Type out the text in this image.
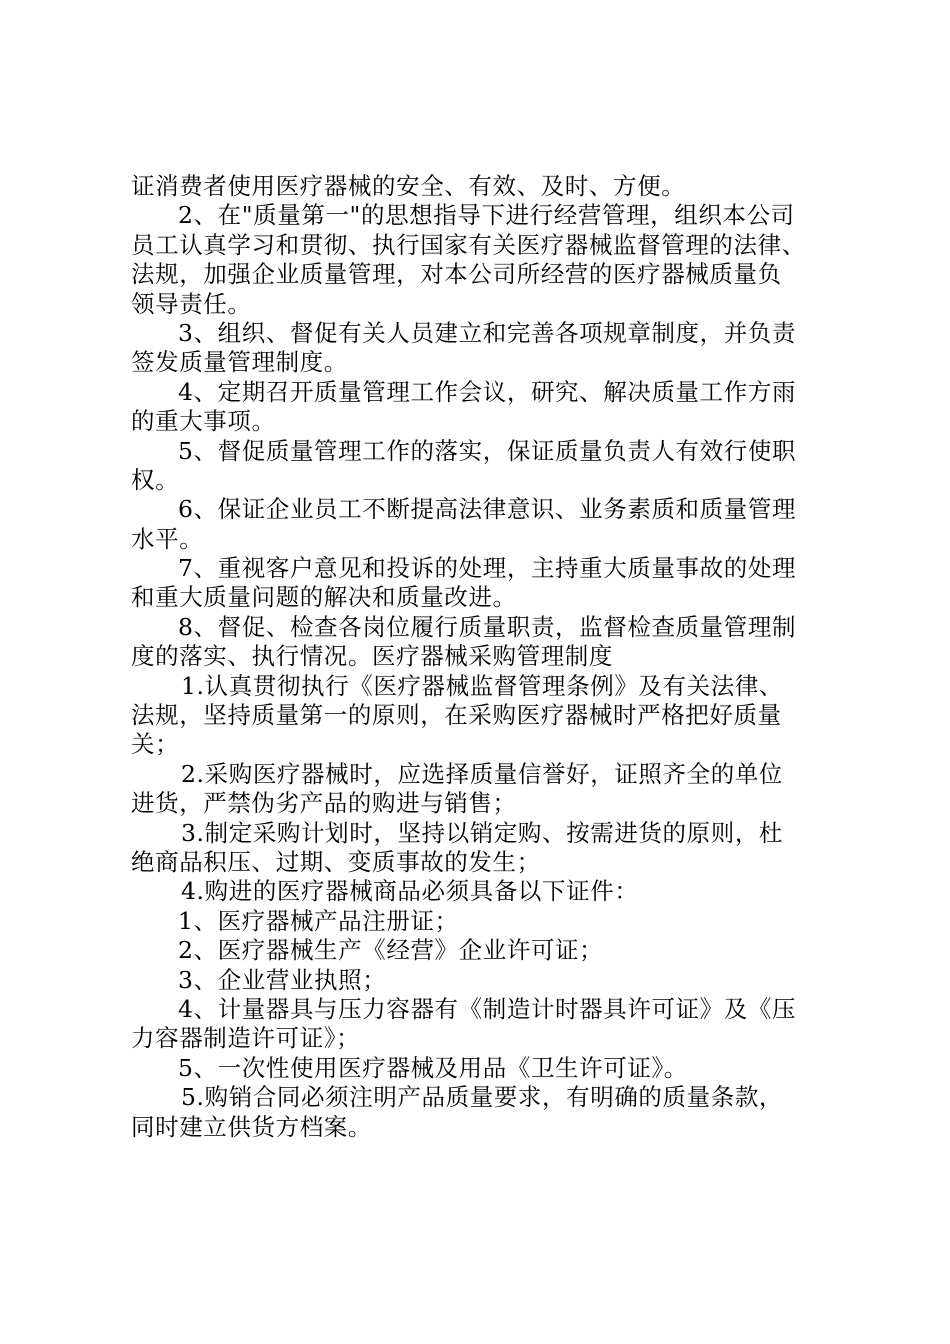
证消费者使用医疗器械的安全、有效、及时、方便。
2、在"质量第一"的思想指导下进行经营管理，组织本公司
员工认真学习和贯彻、执行国家有关医疗器械监督管理的法律、
法规，加强企业质量管理，对本公司所经营的医疗器械质量负
领导责任。
3、组织、督促有关人员建立和完善各项规章制度，并负责
签发质量管理制度。
4、定期召开质量管理工作会议，研究、解决质量工作方雨
的重大事项。
5、督促质量管理工作的落实，保证质量负责人有效行使职
权。
6、保证企业员工不断提高法律意识、业务素质和质量管理
水平。
7、重视客户意见和投诉的处理，主持重大质量事故的处理
和重大质量问题的解决和质量改进。
8、督促、检查各岗位履行质量职责，监督检查质量管理制
度的落实、执行情况。医疗器械采购管理制度
1.认真贯彻执行《医疗器械监督管理条例》及有关法律、
法规，坚持质量第一的原则，在采购医疗器械时严格把好质量
关；
2.采购医疗器械时，应选择质量信誉好，证照齐全的单位
进货，严禁伪劣产品的购进与销售；
3.制定采购计划时，坚持以销定购、按需进货的原则，杜
绝商品积压、过期、变质事故的发生；
4.购进的医疗器械商品必须具备以下证件：
1、医疗器械产品注册证；
2、医疗器械生产《经营》企业许可证；
3、企业营业执照；
4、计量器具与压力容器有《制造计时器具许可证》及《压
力容器制造许可证》；
5、一次性使用医疗器械及用品《卫生许可证》。
5.购销合同必须注明产品质量要求，有明确的质量条款，
同时建立供货方档案。
